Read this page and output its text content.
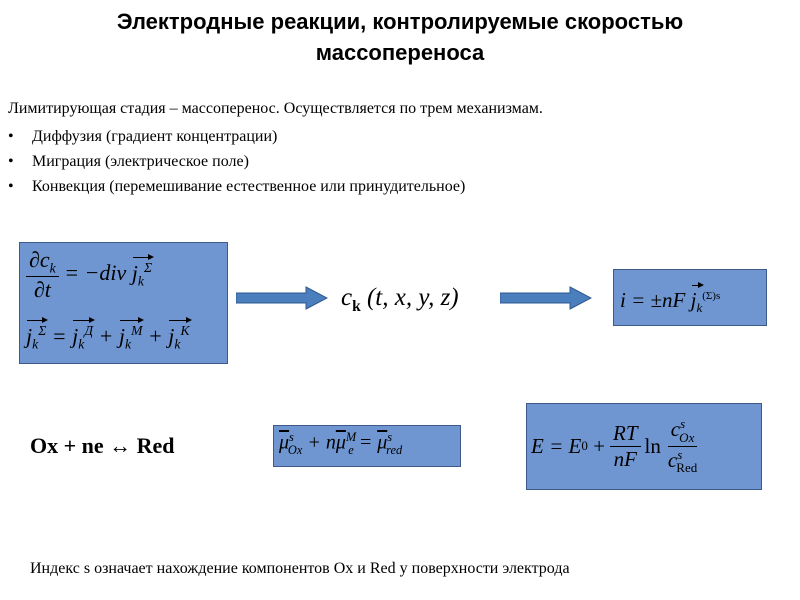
Электродные реакции, контролируемые скоростью
массопереноса
Лимитирующая стадия – массоперенос. Осуществляется по трем механизмам.
• Диффузия (градиент концентрации)
• Миграция (электрическое поле)
• Конвекция (перемешивание естественное или принудительное)
$\frac{\partial c_k}{\partial t} = -div$ $j_k^\Sigma$
$j_k^\Sigma = j_k^Д + j_k^M + j_k^K$
$c_k$ (t, x, y, z)	i = ±nF $j_k^{(\Sigma)s}$
Ox + ne ↔ Red	$\overline{\mu}^s_{Ox} + n\overline{\mu}^M_e = \overline{\mu}^s_{red}$	E = E $0 + \frac{RT}{nF}$ $\ln \frac{c^s_{Ox}}{c^s_{Red}}$
Индекс s означает нахождение компонентов Ox и Red у поверхности электрода
